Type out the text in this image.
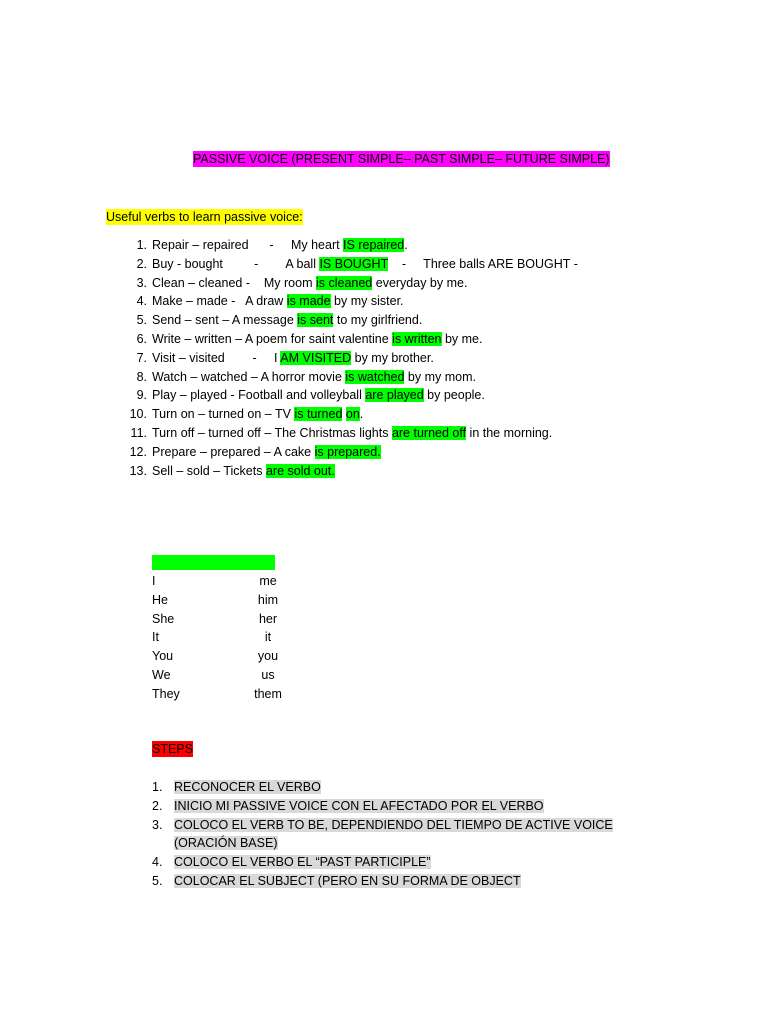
PASSIVE VOICE (PRESENT SIMPLE– PAST SIMPLE– FUTURE SIMPLE)
Useful verbs to learn passive voice:
1. Repair – repaired      -     My heart IS repaired.
2. Buy - bought         -        A ball IS BOUGHT    -     Three balls ARE BOUGHT -
3. Clean – cleaned -    My room is cleaned everyday by me.
4. Make – made -   A draw is made by my sister.
5. Send – sent – A message is sent to my girlfriend.
6. Write – written – A poem for saint valentine is written by me.
7. Visit – visited        -     I AM VISITED by my brother.
8. Watch – watched – A horror movie is watched by my mom.
9. Play – played - Football and volleyball are played by people.
10. Turn on – turned on – TV is turned on.
11. Turn off – turned off – The Christmas lights are turned off in the morning.
12. Prepare – prepared – A cake is prepared.
13. Sell – sold – Tickets are sold out.
I	me
He	him
She	her
It	it
You	you
We	us
They	them
STEPS
1. RECONOCER EL VERBO
2. INICIO MI PASSIVE VOICE CON EL AFECTADO POR EL VERBO
3. COLOCO EL VERB TO BE, DEPENDIENDO DEL TIEMPO DE ACTIVE VOICE (ORACIÓN BASE)
4. COLOCO EL VERBO EL “PAST PARTICIPLE”
5. COLOCAR EL SUBJECT (PERO EN SU FORMA DE OBJECT
